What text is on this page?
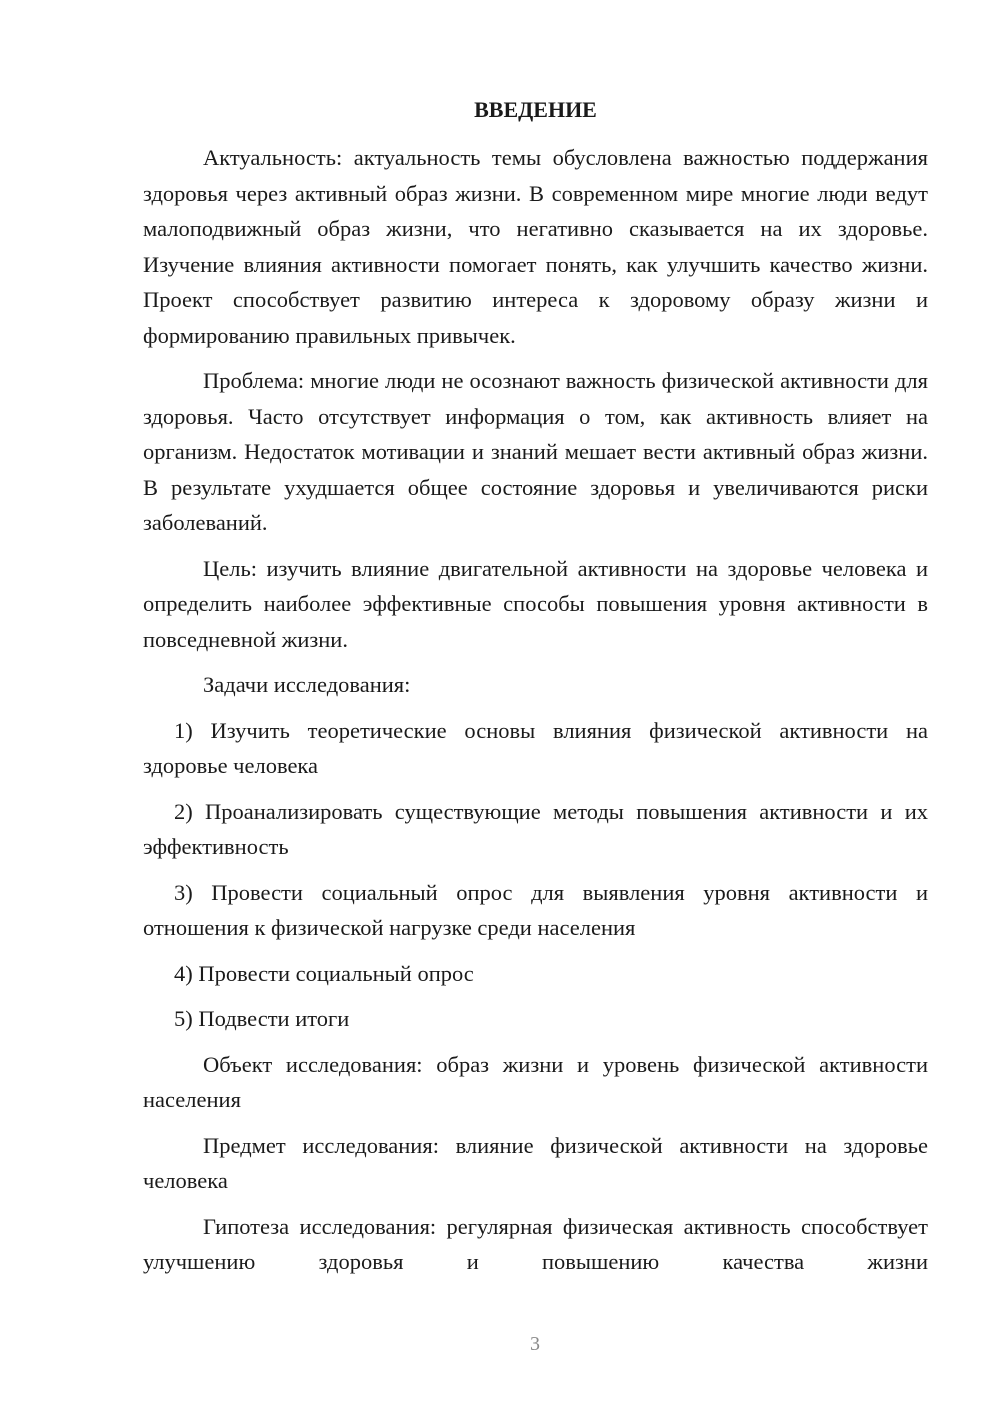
ВВЕДЕНИЕ

Актуальность: актуальность темы обусловлена важностью поддержания здоровья через активный образ жизни. В современном мире многие люди ведут малоподвижный образ жизни, что негативно сказывается на их здоровье. Изучение влияния активности помогает понять, как улучшить качество жизни. Проект способствует развитию интереса к здоровому образу жизни и формированию правильных привычек.

Проблема: многие люди не осознают важность физической активности для здоровья. Часто отсутствует информация о том, как активность влияет на организм. Недостаток мотивации и знаний мешает вести активный образ жизни. В результате ухудшается общее состояние здоровья и увеличиваются риски заболеваний.

Цель: изучить влияние двигательной активности на здоровье человека и определить наиболее эффективные способы повышения уровня активности в повседневной жизни.

Задачи исследования:

1) Изучить теоретические основы влияния физической активности на здоровье человека

2) Проанализировать существующие методы повышения активности и их эффективность

3) Провести социальный опрос для выявления уровня активности и отношения к физической нагрузке среди населения

4) Провести социальный опрос

5) Подвести итоги

Объект исследования: образ жизни и уровень физической активности населения

Предмет исследования: влияние физической активности на здоровье человека

Гипотеза исследования: регулярная физическая активность способствует улучшению здоровья и повышению качества жизни

3
